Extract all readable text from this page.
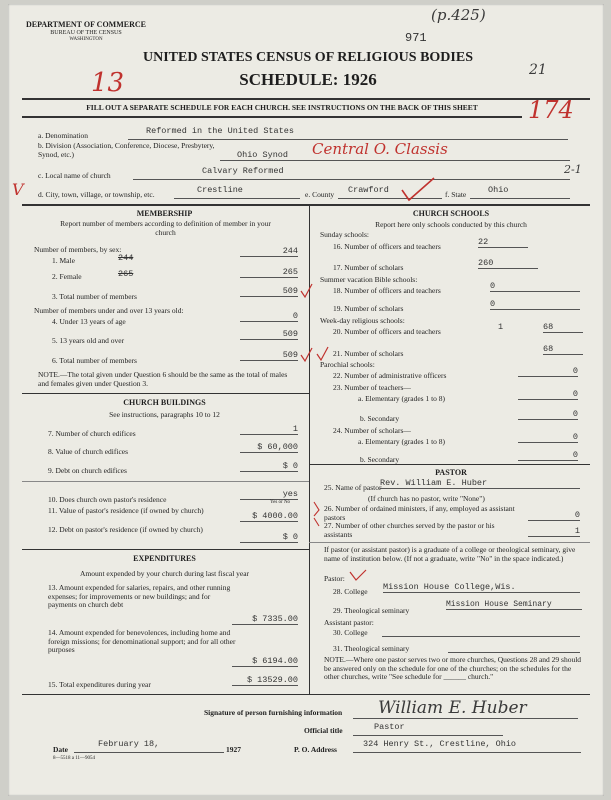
DEPARTMENT OF COMMERCE
BUREAU OF THE CENSUS
WASHINGTON
(p.425)
971
UNITED STATES CENSUS OF RELIGIOUS BODIES
SCHEDULE: 1926
13	21
FILL OUT A SEPARATE SCHEDULE FOR EACH CHURCH. SEE INSTRUCTIONS ON THE BACK OF THIS SHEET	174
a. Denomination	Reformed in the United States
b. Division (Association, Conference, Diocese, Presbytery, Synod, etc.)	Ohio Synod Central O. Classis
c. Local name of church	Calvary Reformed	2-1
V d. City, town, village, or township, etc.	Crestline	e. County Crawford	f. State	Ohio
MEMBERSHIP
Report number of members according to definition of member in your church
Number of members, by sex:
1. Male	244
244
2. Female	265	265
3. Total number of members
509
Number of members under and over 13 years old:
4. Under 13 years of age
0
5. 13 years old and over
509
6. Total number of members
509
NOTE.—The total given under Question 6 should be the same as the total of males and females given under Question 3.
CHURCH BUILDINGS
See instructions, paragraphs 10 to 12
7. Number of church edifices	1
8. Value of church edifices	$ 60,000
9. Debt on church edifices	$ 0
10. Does church own pastor's residence
yes
Yes or No
11. Value of pastor's residence (if owned by church)
$ 4000.00
12. Debt on pastor's residence (if owned by church)
$ 0
EXPENDITURES
Amount expended by your church during last fiscal year
13. Amount expended for salaries, repairs, and other running expenses; for improvements or new buildings; and for payments on church debt
$ 7335.00
14. Amount expended for benevolences, including home and foreign missions; for denominational support; and for all other purposes
$ 6194.00
15. Total expenditures during year	$ 13529.00
CHURCH SCHOOLS
Report here only schools conducted by this church
Sunday schools:
16. Number of officers and teachers	22
17. Number of scholars	260
Summer vacation Bible schools:
18. Number of officers and teachers	0
19. Number of scholars	0
Week-day religious schools:
20. Number of officers and teachers	1	68
21. Number of scholars	68
Parochial schools:
22. Number of administrative officers	0
23. Number of teachers—
a. Elementary (grades 1 to 8)	0
b. Secondary	0
24. Number of scholars—
a. Elementary (grades 1 to 8)	0
b. Secondary	0
PASTOR
25. Name of pastor
Rev. William E. Huber
(If church has no pastor, write "None")
26. Number of ordained ministers, if any, employed as assistant pastors	0
27. Number of other churches served by the pastor or his assistants	1
If pastor (or assistant pastor) is a graduate of a college or theological seminary, give name of institution below. (If not a graduate, write "No" in the space indicated.)
Pastor:
28. College Mission House College,Wis.
29. Theological seminary
Mission House Seminary
Assistant pastor:
30. College
31. Theological seminary
NOTE.—Where one pastor serves two or more churches, Questions 28 and 29 should be answered only on the schedule for one of the churches; on the schedules for the other churches, write "See schedule for ______ church."
Signature of person furnishing information William E. Huber
Official title	Pastor
Date
February 18,
1927	P. O. Address
324 Henry St., Crestline, Ohio
8—5518 a 11—9054
